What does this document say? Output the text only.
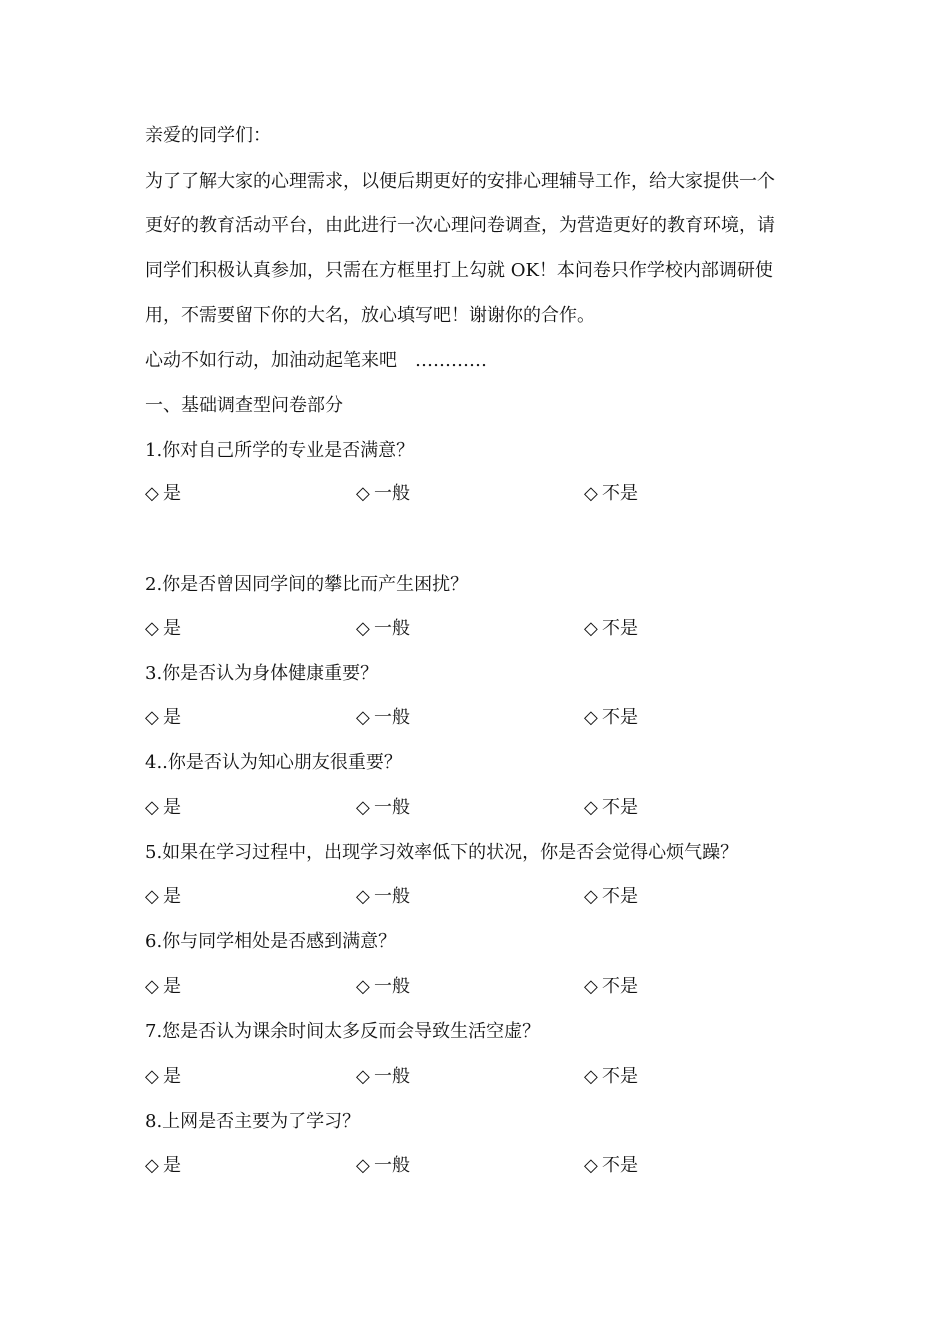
亲爱的同学们：
为了了解大家的心理需求，以便后期更好的安排心理辅导工作，给大家提供一个
更好的教育活动平台，由此进行一次心理问卷调查，为营造更好的教育环境，请
同学们积极认真参加，只需在方框里打上勾就 OK！本问卷只作学校内部调研使
用，不需要留下你的大名，放心填写吧！谢谢你的合作。
心动不如行动，加油动起笔来吧　…………
一、基础调查型问卷部分
1.你对自己所学的专业是否满意？
◇ 是	◇ 一般	◇ 不是
2.你是否曾因同学间的攀比而产生困扰？
◇ 是	◇ 一般	◇ 不是
3.你是否认为身体健康重要？
◇ 是	◇ 一般	◇ 不是
4..你是否认为知心朋友很重要？
◇ 是	◇ 一般	◇ 不是
5.如果在学习过程中，出现学习效率低下的状况，你是否会觉得心烦气躁？
◇ 是	◇ 一般	◇ 不是
6.你与同学相处是否感到满意？
◇ 是	◇ 一般	◇ 不是
7.您是否认为课余时间太多反而会导致生活空虚？
◇ 是	◇ 一般	◇ 不是
8.上网是否主要为了学习？
◇ 是	◇ 一般	◇ 不是
